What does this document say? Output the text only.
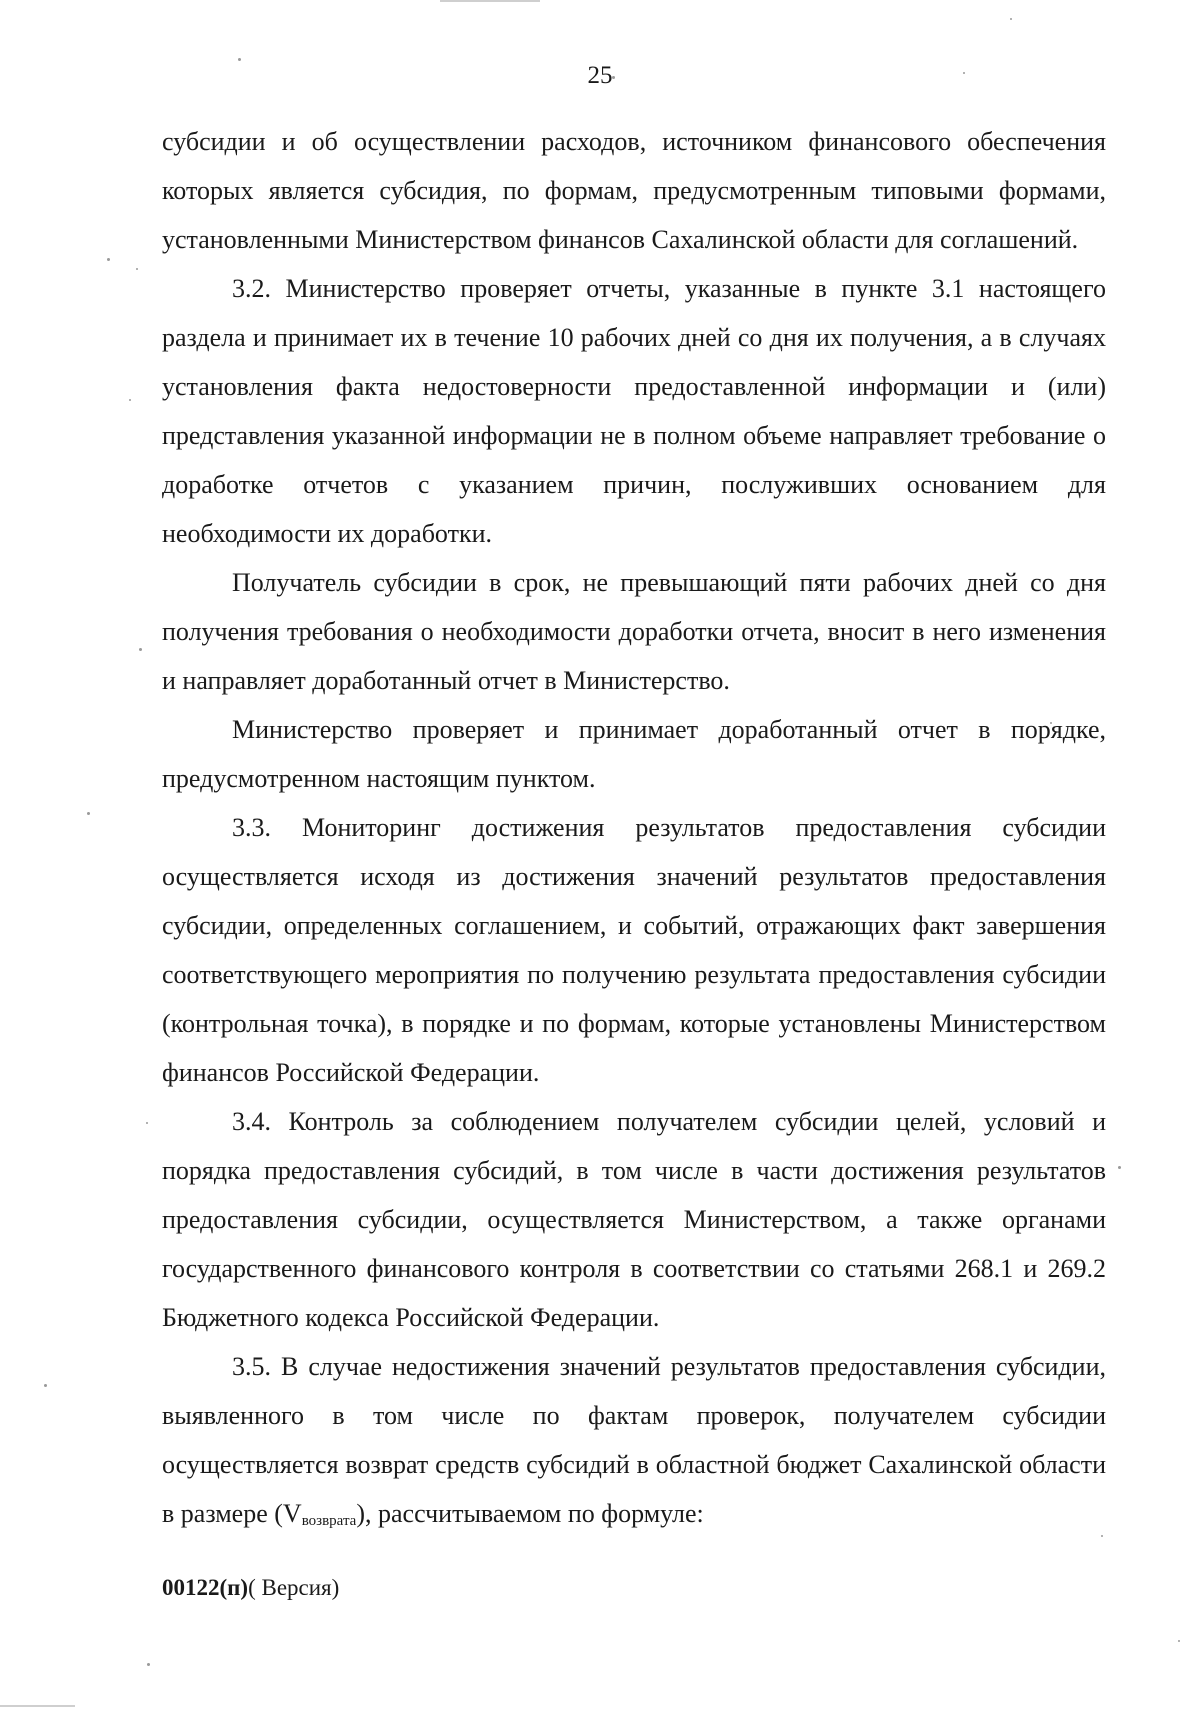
25

субсидии и об осуществлении расходов, источником финансового обеспечения которых является субсидия, по формам, предусмотренным типовыми формами, установленными Министерством финансов Сахалинской области для соглашений.

3.2. Министерство проверяет отчеты, указанные в пункте 3.1 настоящего раздела и принимает их в течение 10 рабочих дней со дня их получения, а в случаях установления факта недостоверности предоставленной информации и (или) представления указанной информации не в полном объеме направляет требование о доработке отчетов с указанием причин, послуживших основанием для необходимости их доработки.

Получатель субсидии в срок, не превышающий пяти рабочих дней со дня получения требования о необходимости доработки отчета, вносит в него изменения и направляет доработанный отчет в Министерство.

Министерство проверяет и принимает доработанный отчет в порядке, предусмотренном настоящим пунктом.

3.3. Мониторинг достижения результатов предоставления субсидии осуществляется исходя из достижения значений результатов предоставления субсидии, определенных соглашением, и событий, отражающих факт завершения соответствующего мероприятия по получению результата предоставления субсидии (контрольная точка), в порядке и по формам, которые установлены Министерством финансов Российской Федерации.

3.4. Контроль за соблюдением получателем субсидии целей, условий и порядка предоставления субсидий, в том числе в части достижения результатов предоставления субсидии, осуществляется Министерством, а также органами государственного финансового контроля в соответствии со статьями 268.1 и 269.2 Бюджетного кодекса Российской Федерации.

3.5. В случае недостижения значений результатов предоставления субсидии, выявленного в том числе по фактам проверок, получателем субсидии осуществляется возврат средств субсидий в областной бюджет Сахалинской области в размере $(V_{возврата})$, рассчитываемом по формуле:

00122(п)( Версия)
